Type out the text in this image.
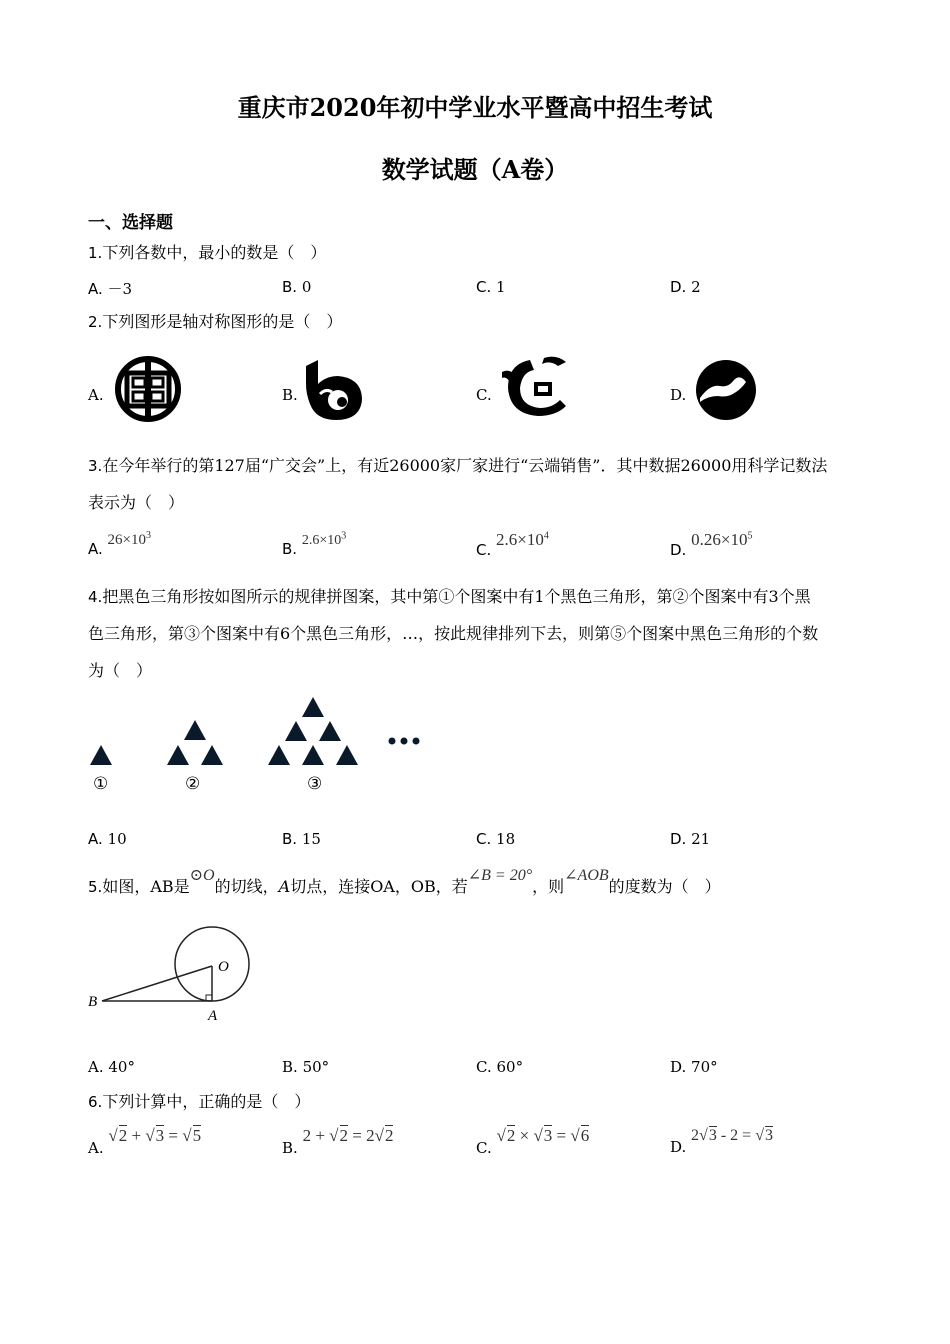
重庆市2020年初中学业水平暨高中招生考试
数学试题（A卷）
一、选择题
1.下列各数中，最小的数是（　）
A. －3	B. 0	C. 1	D. 2
2.下列图形是轴对称图形的是（　）
A.	B.	C.	D.
3.在今年举行的第127届“广交会”上，有近26000家厂家进行“云端销售”．其中数据26000用科学记数法
表示为（　）
A. $26\times 10^3$
B. $2.6\times 10^3$
C. $2.6\times 10^4$
D. $0.26\times 10^5$
4.把黑色三角形按如图所示的规律拼图案，其中第①个图案中有1个黑色三角形，第②个图案中有3个黑
色三角形，第③个图案中有6个黑色三角形，…，按此规律排列下去，则第⑤个图案中黑色三角形的个数
为（　）
①	②	③
A. 10	B. 15	C. 18	D. 21
5.如图，AB是⊙O的切线，A切点，连接OA，OB，若∠B = 20°，则∠AOB的度数为（　）
B
A
O
A. 40°	B. 50°	C. 60°	D. 70°
6.下列计算中，正确的是（　）
A. √2 + √3 = √5
B. 2 + √2 = 2√2
C. √2 × √3 = √6
D. 2√3 - 2 = √3
